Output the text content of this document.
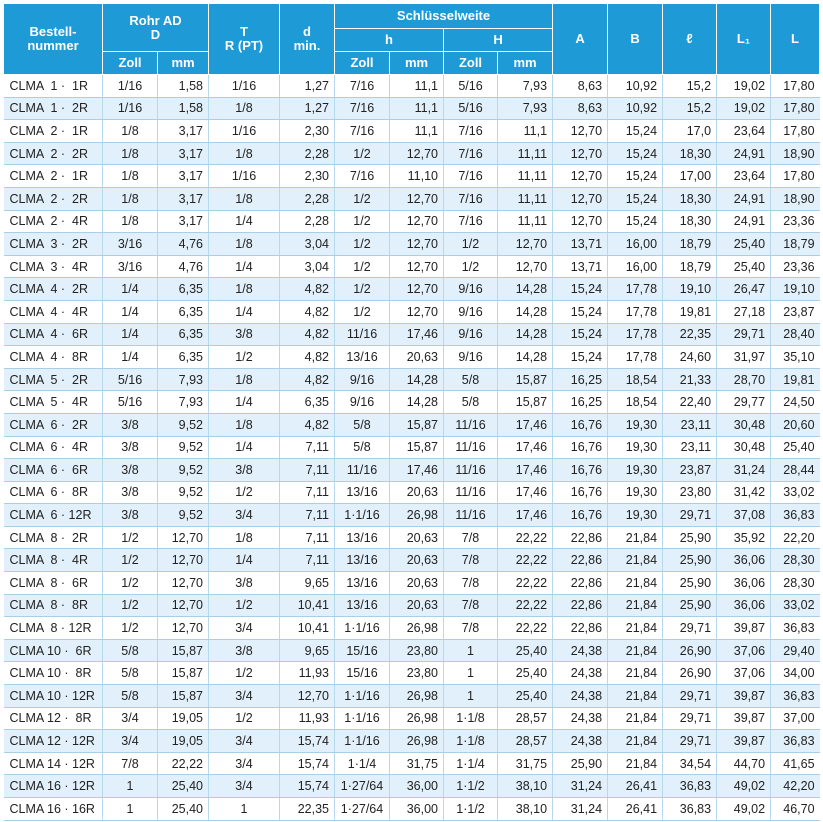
Bestell-
nummer	Rohr AD
D		T
R (PT)	d
min.	Schlüsselweite				A	B	ℓ	L₁	L
					h		H						
	Zoll	mm			Zoll	mm	Zoll	mm					
CLMA  1 ·  1R	1/16	1,58	1/16	1,27	7/16	11,1	5/16	7,93	8,63	10,92	15,2	19,02	17,80
CLMA  1 ·  2R	1/16	1,58	1/8	1,27	7/16	11,1	5/16	7,93	8,63	10,92	15,2	19,02	17,80
CLMA  2 ·  1R	1/8	3,17	1/16	2,30	7/16	11,1	7/16	11,1	12,70	15,24	17,0	23,64	17,80
CLMA  2 ·  2R	1/8	3,17	1/8	2,28	1/2	12,70	7/16	11,11	12,70	15,24	18,30	24,91	18,90
CLMA  2 ·  1R	1/8	3,17	1/16	2,30	7/16	11,10	7/16	11,11	12,70	15,24	17,00	23,64	17,80
CLMA  2 ·  2R	1/8	3,17	1/8	2,28	1/2	12,70	7/16	11,11	12,70	15,24	18,30	24,91	18,90
CLMA  2 ·  4R	1/8	3,17	1/4	2,28	1/2	12,70	7/16	11,11	12,70	15,24	18,30	24,91	23,36
CLMA  3 ·  2R	3/16	4,76	1/8	3,04	1/2	12,70	1/2	12,70	13,71	16,00	18,79	25,40	18,79
CLMA  3 ·  4R	3/16	4,76	1/4	3,04	1/2	12,70	1/2	12,70	13,71	16,00	18,79	25,40	23,36
CLMA  4 ·  2R	1/4	6,35	1/8	4,82	1/2	12,70	9/16	14,28	15,24	17,78	19,10	26,47	19,10
CLMA  4 ·  4R	1/4	6,35	1/4	4,82	1/2	12,70	9/16	14,28	15,24	17,78	19,81	27,18	23,87
CLMA  4 ·  6R	1/4	6,35	3/8	4,82	11/16	17,46	9/16	14,28	15,24	17,78	22,35	29,71	28,40
CLMA  4 ·  8R	1/4	6,35	1/2	4,82	13/16	20,63	9/16	14,28	15,24	17,78	24,60	31,97	35,10
CLMA  5 ·  2R	5/16	7,93	1/8	4,82	9/16	14,28	5/8	15,87	16,25	18,54	21,33	28,70	19,81
CLMA  5 ·  4R	5/16	7,93	1/4	6,35	9/16	14,28	5/8	15,87	16,25	18,54	22,40	29,77	24,50
CLMA  6 ·  2R	3/8	9,52	1/8	4,82	5/8	15,87	11/16	17,46	16,76	19,30	23,11	30,48	20,60
CLMA  6 ·  4R	3/8	9,52	1/4	7,11	5/8	15,87	11/16	17,46	16,76	19,30	23,11	30,48	25,40
CLMA  6 ·  6R	3/8	9,52	3/8	7,11	11/16	17,46	11/16	17,46	16,76	19,30	23,87	31,24	28,44
CLMA  6 ·  8R	3/8	9,52	1/2	7,11	13/16	20,63	11/16	17,46	16,76	19,30	23,80	31,42	33,02
CLMA  6 · 12R	3/8	9,52	3/4	7,11	1·1/16	26,98	11/16	17,46	16,76	19,30	29,71	37,08	36,83
CLMA  8 ·  2R	1/2	12,70	1/8	7,11	13/16	20,63	7/8	22,22	22,86	21,84	25,90	35,92	22,20
CLMA  8 ·  4R	1/2	12,70	1/4	7,11	13/16	20,63	7/8	22,22	22,86	21,84	25,90	36,06	28,30
CLMA  8 ·  6R	1/2	12,70	3/8	9,65	13/16	20,63	7/8	22,22	22,86	21,84	25,90	36,06	28,30
CLMA  8 ·  8R	1/2	12,70	1/2	10,41	13/16	20,63	7/8	22,22	22,86	21,84	25,90	36,06	33,02
CLMA  8 · 12R	1/2	12,70	3/4	10,41	1·1/16	26,98	7/8	22,22	22,86	21,84	29,71	39,87	36,83
CLMA 10 ·  6R	5/8	15,87	3/8	9,65	15/16	23,80	1	25,40	24,38	21,84	26,90	37,06	29,40
CLMA 10 ·  8R	5/8	15,87	1/2	11,93	15/16	23,80	1	25,40	24,38	21,84	26,90	37,06	34,00
CLMA 10 · 12R	5/8	15,87	3/4	12,70	1·1/16	26,98	1	25,40	24,38	21,84	29,71	39,87	36,83
CLMA 12 ·  8R	3/4	19,05	1/2	11,93	1·1/16	26,98	1·1/8	28,57	24,38	21,84	29,71	39,87	37,00
CLMA 12 · 12R	3/4	19,05	3/4	15,74	1·1/16	26,98	1·1/8	28,57	24,38	21,84	29,71	39,87	36,83
CLMA 14 · 12R	7/8	22,22	3/4	15,74	1·1/4	31,75	1·1/4	31,75	25,90	21,84	34,54	44,70	41,65
CLMA 16 · 12R	1	25,40	3/4	15,74	1·27/64	36,00	1·1/2	38,10	31,24	26,41	36,83	49,02	42,20
CLMA 16 · 16R	1	25,40	1	22,35	1·27/64	36,00	1·1/2	38,10	31,24	26,41	36,83	49,02	46,70
